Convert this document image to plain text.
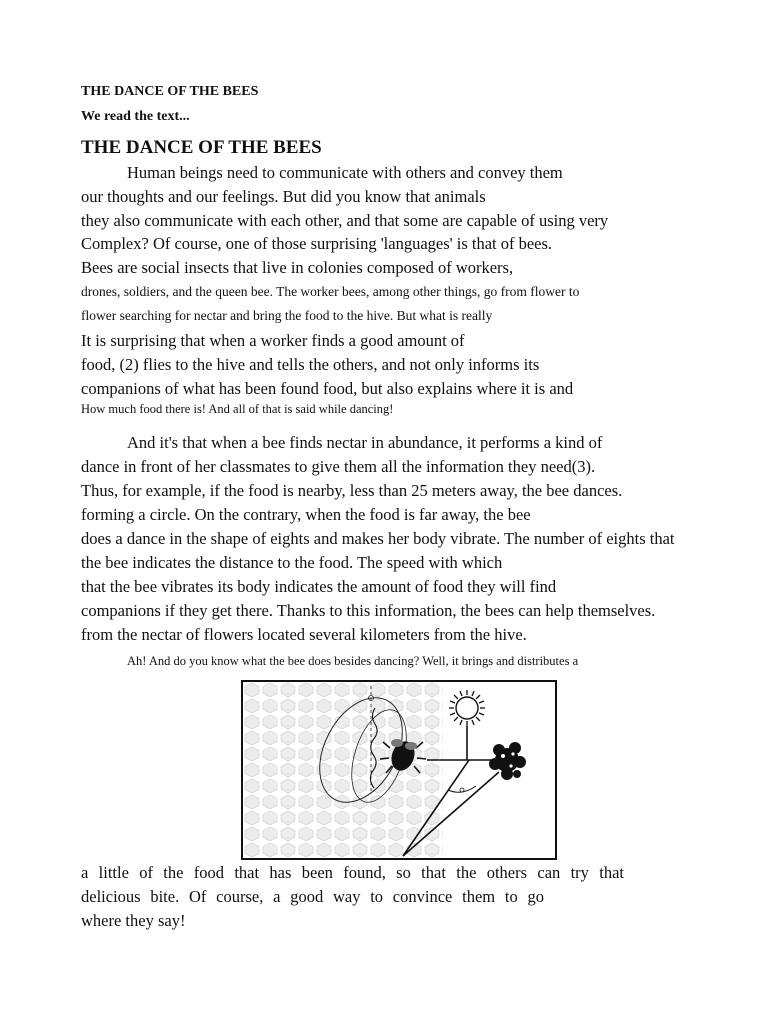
THE DANCE OF THE BEES
We read the text...
THE DANCE OF THE BEES
Human beings need to communicate with others and convey them
our thoughts and our feelings. But did you know that animals
they also communicate with each other, and that some are capable of using very
Complex? Of course, one of those surprising 'languages' is that of bees.
Bees are social insects that live in colonies composed of workers,
drones, soldiers, and the queen bee. The worker bees, among other things, go from flower to
flower searching for nectar and bring the food to the hive. But what is really
It is surprising that when a worker finds a good amount of
food, (2) flies to the hive and tells the others, and not only informs its
companions of what has been found food, but also explains where it is and
How much food there is! And all of that is said while dancing!
And it's that when a bee finds nectar in abundance, it performs a kind of
dance in front of her classmates to give them all the information they need(3).
Thus, for example, if the food is nearby, less than 25 meters away, the bee dances.
forming a circle. On the contrary, when the food is far away, the bee
does a dance in the shape of eights and makes her body vibrate. The number of eights that
the bee indicates the distance to the food. The speed with which
that the bee vibrates its body indicates the amount of food they will find
companions if they get there. Thanks to this information, the bees can help themselves.
from the nectar of flowers located several kilometers from the hive.
Ah! And do you know what the bee does besides dancing? Well, it brings and distributes a
a little of the food that has been found, so that the others can try that
delicious bite. Of course, a good way to convince them to go
where they say!
